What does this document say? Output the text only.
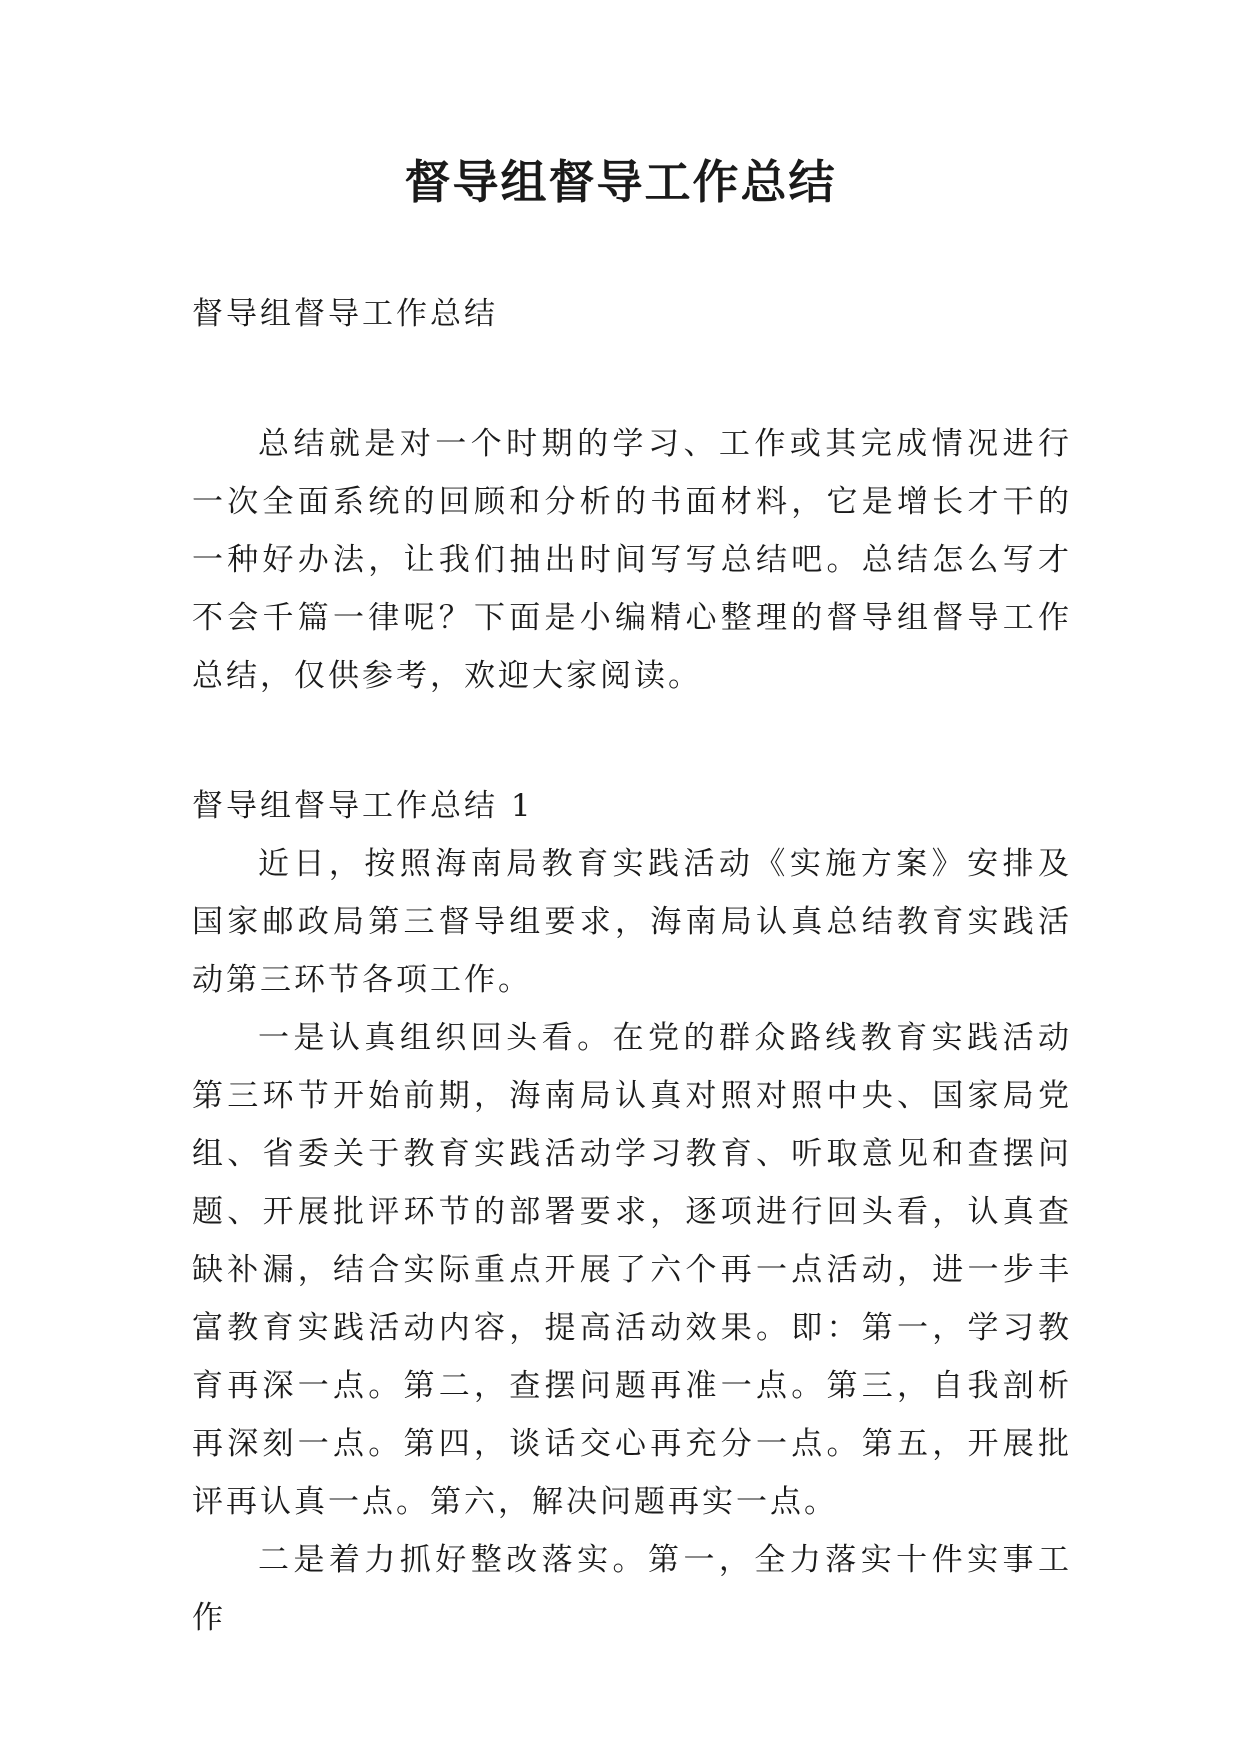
督导组督导工作总结

督导组督导工作总结

总结就是对一个时期的学习、工作或其完成情况进行一次全面系统的回顾和分析的书面材料，它是增长才干的一种好办法，让我们抽出时间写写总结吧。总结怎么写才不会千篇一律呢？下面是小编精心整理的督导组督导工作总结，仅供参考，欢迎大家阅读。

督导组督导工作总结 1

近日，按照海南局教育实践活动《实施方案》安排及国家邮政局第三督导组要求，海南局认真总结教育实践活动第三环节各项工作。

一是认真组织回头看。在党的群众路线教育实践活动第三环节开始前期，海南局认真对照对照中央、国家局党组、省委关于教育实践活动学习教育、听取意见和查摆问题、开展批评环节的部署要求，逐项进行回头看，认真查缺补漏，结合实际重点开展了六个再一点活动，进一步丰富教育实践活动内容，提高活动效果。即：第一，学习教育再深一点。第二，查摆问题再准一点。第三，自我剖析再深刻一点。第四，谈话交心再充分一点。第五，开展批评再认真一点。第六，解决问题再实一点。

二是着力抓好整改落实。第一，全力落实十件实事工作
